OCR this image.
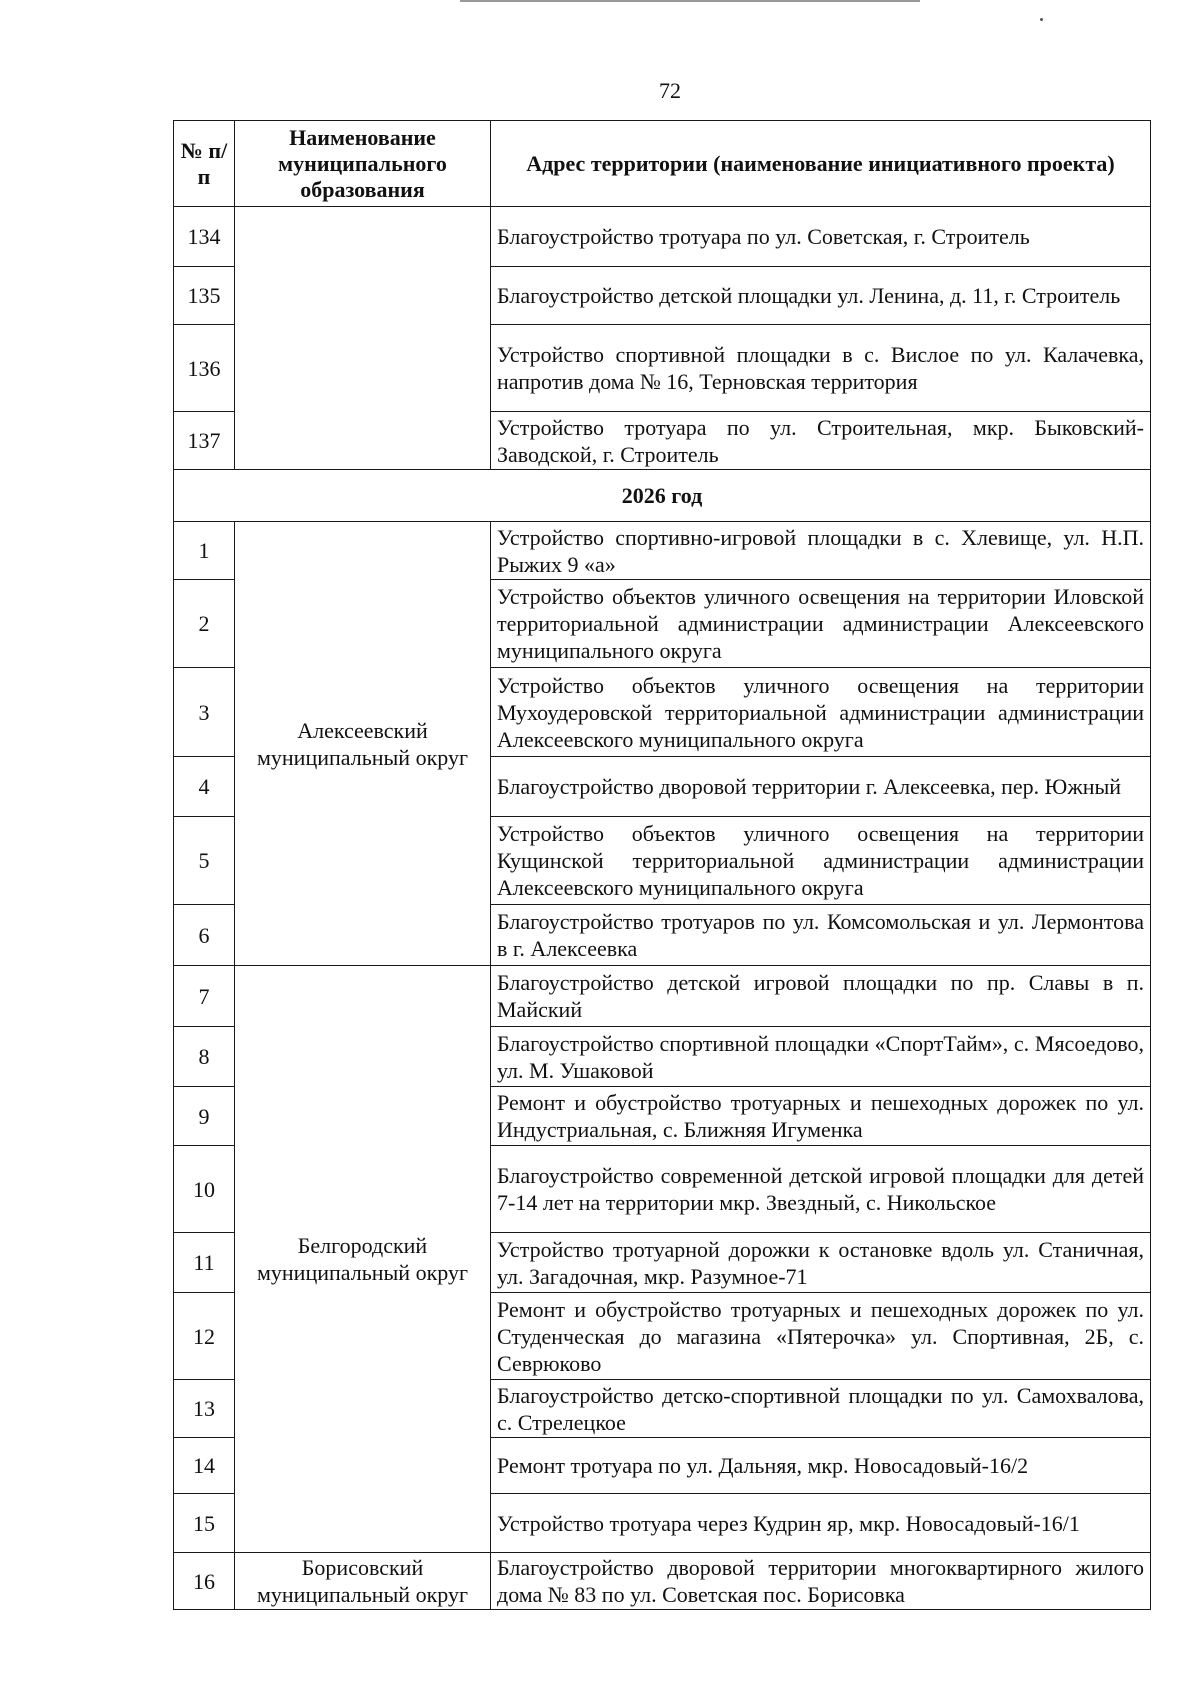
72
№ п/п	Наименование муниципального образования	Адрес территории (наименование инициативного проекта)
134		Благоустройство тротуара по ул. Советская, г. Строитель
135		Благоустройство детской площадки ул. Ленина, д. 11, г. Строитель
136		Устройство спортивной площадки в с. Вислое по ул. Калачевка, напротив дома № 16, Терновская территория
137		Устройство тротуара по ул. Строительная, мкр. Быковский-Заводской, г. Строитель
2026 год		
1	Алексеевский муниципальный округ	Устройство спортивно-игровой площадки в с. Хлевище, ул. Н.П. Рыжих 9 «а»
2		Устройство объектов уличного освещения на территории Иловской территориальной администрации администрации Алексеевского муниципального округа
3		Устройство объектов уличного освещения на территории Мухоудеровской территориальной администрации администрации Алексеевского муниципального округа
4		Благоустройство дворовой территории г. Алексеевка, пер. Южный
5		Устройство объектов уличного освещения на территории Кущинской территориальной администрации администрации Алексеевского муниципального округа
6		Благоустройство тротуаров по ул. Комсомольская и ул. Лермонтова в г. Алексеевка
7	Белгородский муниципальный округ	Благоустройство детской игровой площадки по пр. Славы в п. Майский
8		Благоустройство спортивной площадки «СпортТайм», с. Мясоедово, ул. М. Ушаковой
9		Ремонт и обустройство тротуарных и пешеходных дорожек по ул. Индустриальная, с. Ближняя Игуменка
10		Благоустройство современной детской игровой площадки для детей 7-14 лет на территории мкр. Звездный, с. Никольское
11		Устройство тротуарной дорожки к остановке вдоль ул. Станичная, ул. Загадочная, мкр. Разумное-71
12		Ремонт и обустройство тротуарных и пешеходных дорожек по ул. Студенческая до магазина «Пятерочка» ул. Спортивная, 2Б, с. Севрюково
13		Благоустройство детско-спортивной площадки по ул. Самохвалова, с. Стрелецкое
14		Ремонт тротуара по ул. Дальняя, мкр. Новосадовый-16/2
15		Устройство тротуара через Кудрин яр, мкр. Новосадовый-16/1
16	Борисовский муниципальный округ	Благоустройство дворовой территории многоквартирного жилого дома № 83 по ул. Советская пос. Борисовка
